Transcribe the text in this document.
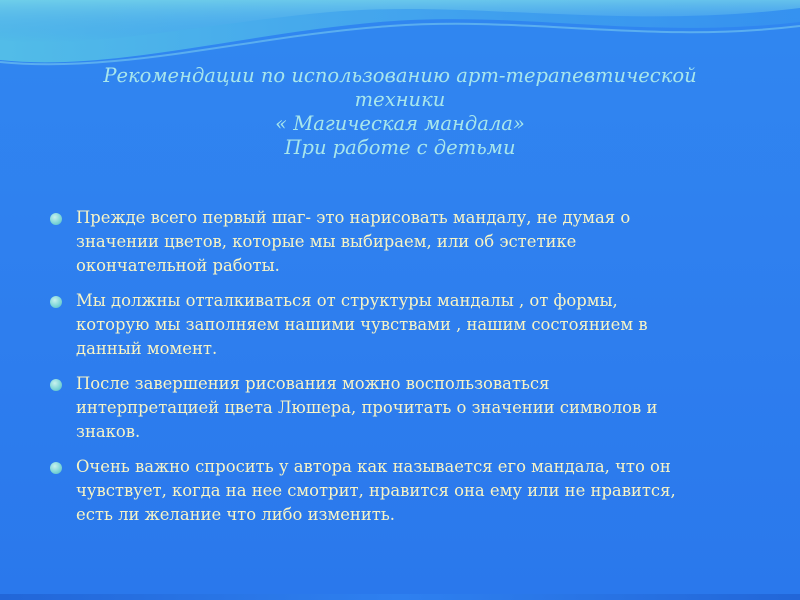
Рекомендации по использованию арт-терапевтической
техники
« Магическая мандала»
При работе с детьми
Прежде всего первый шаг- это нарисовать мандалу, не думая о
значении цветов, которые мы выбираем, или об эстетике
окончательной работы.
Мы должны отталкиваться от структуры мандалы , от формы,
которую мы заполняем нашими чувствами , нашим состоянием в
данный момент.
После завершения рисования можно воспользоваться
интерпретацией цвета Люшера, прочитать о значении символов и
знаков.
Очень важно спросить у автора как называется его мандала, что он
чувствует, когда на нее смотрит, нравится она ему или не нравится,
есть ли желание что либо изменить.
